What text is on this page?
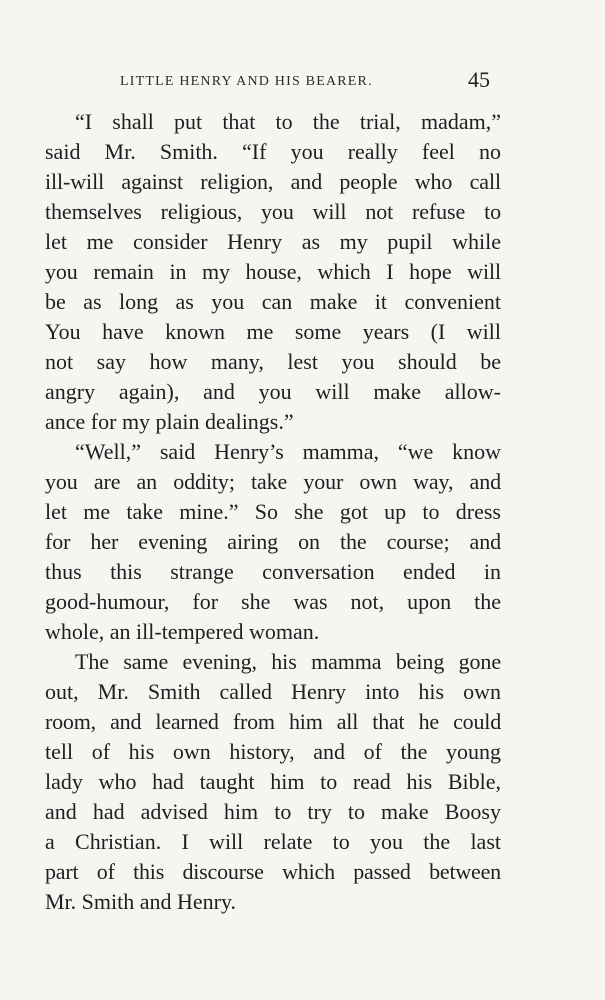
LITTLE HENRY AND HIS BEARER.	45
“I shall put that to the trial, madam,”
said Mr. Smith. “If you really feel no
ill-will against religion, and people who call
themselves religious, you will not refuse to
let me consider Henry as my pupil while
you remain in my house, which I hope will
be as long as you can make it convenient
You have known me some years (I will
not say how many, lest you should be
angry again), and you will make allow-
ance for my plain dealings.”
“Well,” said Henry’s mamma, “we know
you are an oddity; take your own way, and
let me take mine.” So she got up to dress
for her evening airing on the course; and
thus this strange conversation ended in
good-humour, for she was not, upon the
whole, an ill-tempered woman.
The same evening, his mamma being gone
out, Mr. Smith called Henry into his own
room, and learned from him all that he could
tell of his own history, and of the young
lady who had taught him to read his Bible,
and had advised him to try to make Boosy
a Christian. I will relate to you the last
part of this discourse which passed between
Mr. Smith and Henry.
